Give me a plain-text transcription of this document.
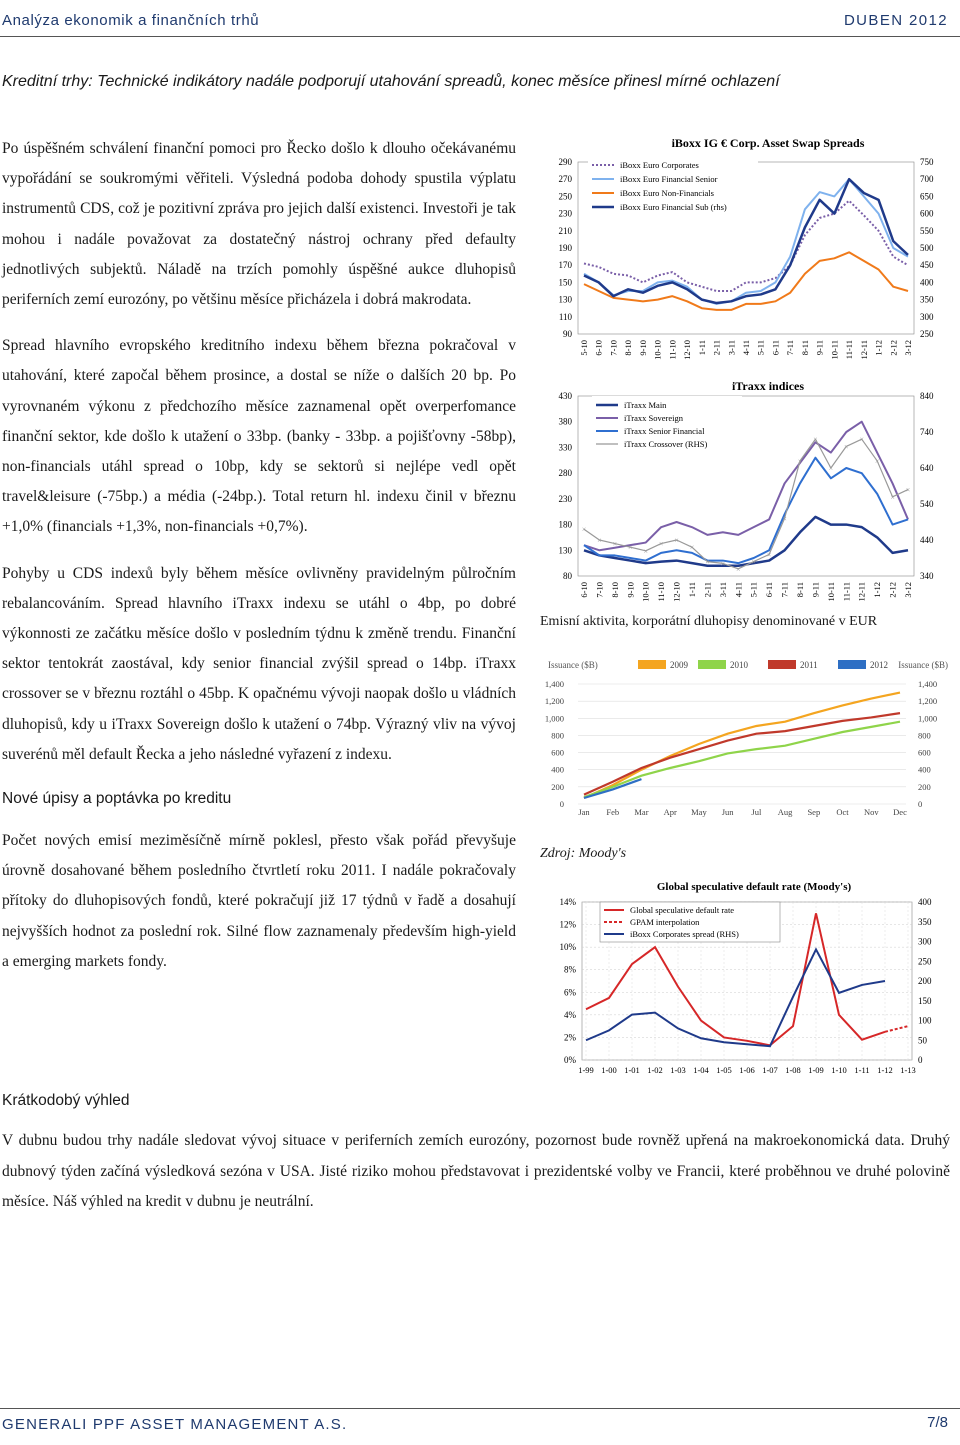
Analýza ekonomik a finančních trhů	DUBEN 2012
Kreditní trhy: Technické indikátory nadále podporují utahování spreadů, konec měsíce přinesl mírné ochlazení

Po úspěšném schválení finanční pomoci pro Řecko došlo k dlouho očekávanému vypořádání se soukromými věřiteli. Výsledná podoba dohody spustila výplatu instrumentů CDS, což je pozitivní zpráva pro jejich další existenci. Investoři je tak mohou i nadále považovat za dostatečný nástroj ochrany před defaulty jednotlivých subjektů. Náladě na trzích pomohly úspěšné aukce dluhopisů periferních zemí eurozóny, po většinu měsíce přicházela i dobrá makrodata.

Spread hlavního evropského kreditního indexu během března pokračoval v utahování, které započal během prosince, a dostal se níže o dalších 20 bp. Po vyrovnaném výkonu z předchozího měsíce zaznamenal opět overperfomance finanční sektor, kde došlo k utažení o 33bp. (banky - 33bp. a pojišťovny -58bp), non-financials utáhl spread o 10bp, kdy se sektorů si nejlépe vedl opět travel&leisure (-75bp.) a média (-24bp.). Total return hl. indexu činil v březnu +1,0% (financials +1,3%, non-financials +0,7%).

Pohyby u CDS indexů byly během měsíce ovlivněny pravidelným půlročním rebalancováním. Spread hlavního iTraxx indexu se utáhl o 4bp, po dobré výkonnosti ze začátku měsíce došlo v posledním týdnu k změně trendu. Finanční sektor tentokrát zaostával, kdy senior financial zvýšil spread o 14bp. iTraxx crossover se v březnu roztáhl o 45bp. K opačnému vývoji naopak došlo u vládních dluhopisů, kdy u iTraxx Sovereign došlo k utažení o 74bp. Výrazný vliv na vývoj suverénů měl default Řecka a jeho následné vyřazení z indexu.

Nové úpisy a poptávka po kreditu

Počet nových emisí meziměsíčně mírně poklesl, přesto však pořád převyšuje úrovně dosahované během posledního čtvrtletí roku 2011. I nadále pokračovaly přítoky do dluhopisových fondů, které pokračují již 17 týdnů v řadě a dosahují nejvyšších hodnot za poslední rok. Silné flow zaznamenaly především high-yield a emerging markets fondy.

iBoxx IG € Corp. Asset Swap Spreads
290
270
250
230
210
190
170
150
130
110
90
750
700
650
600
550
500
450
400
350
300
250
5-10 6-10 7-10 8-10 9-10 10-10 11-10 12-10 1-11 2-11 3-11 4-11 5-11 6-11 7-11 8-11 9-11 10-11 11-11 12-11 1-12 2-12 3-12
iBoxx Euro Corporates
iBoxx Euro Financial Senior
iBoxx Euro Non-Financials
iBoxx Euro Financial Sub (rhs)
iTraxx indices
430
380
330
280
230
180
130
80
840
740
640
540
440
340
6-10 7-10 8-10 9-10 10-10 11-10 12-10 1-11 2-11 3-11 4-11 5-11 6-11 7-11 8-11 9-11 10-11 11-11 12-11 1-12 2-12 3-12
×
× × × ×
× ×
×
× ×
×
×
×
×
×
×
×
×
×
×
×
×
iTraxx Main
iTraxx Sovereign
iTraxx Senior Financial
iTraxx Crossover (RHS)
Emisní aktivita, korporátní dluhopisy denominované v EUR
Issuance ($B)	Issuance ($B)
1,400	1,400
1,200	1,200
1,000	1,000
800	800
600	600
400	400
200	200
0	0
Jan Feb Mar Apr May Jun Jul Aug Sep Oct Nov Dec
2009	2010	2011	2012
Zdroj: Moody's
Global speculative default rate (Moody's)
14%
12%
10%
8%
6%
4%
2%
0%
400
350
300
250
200
150
100
50
0
1-99 1-00 1-01 1-02 1-03 1-04 1-05 1-06 1-07 1-08 1-09 1-10 1-11 1-12 1-13
Global speculative default rate
GPAM interpolation
iBoxx Corporates spread (RHS)
Krátkodobý výhled

V dubnu budou trhy nadále sledovat vývoj situace v periferních zemích eurozóny, pozornost bude rovněž upřená na makroekonomická data. Druhý dubnový týden začíná výsledková sezóna v USA. Jisté riziko mohou představovat i prezidentské volby ve Francii, které proběhnou ve druhé polovině měsíce. Náš výhled na kredit v dubnu je neutrální.

GENERALI PPF ASSET MANAGEMENT A.S.	7/8
